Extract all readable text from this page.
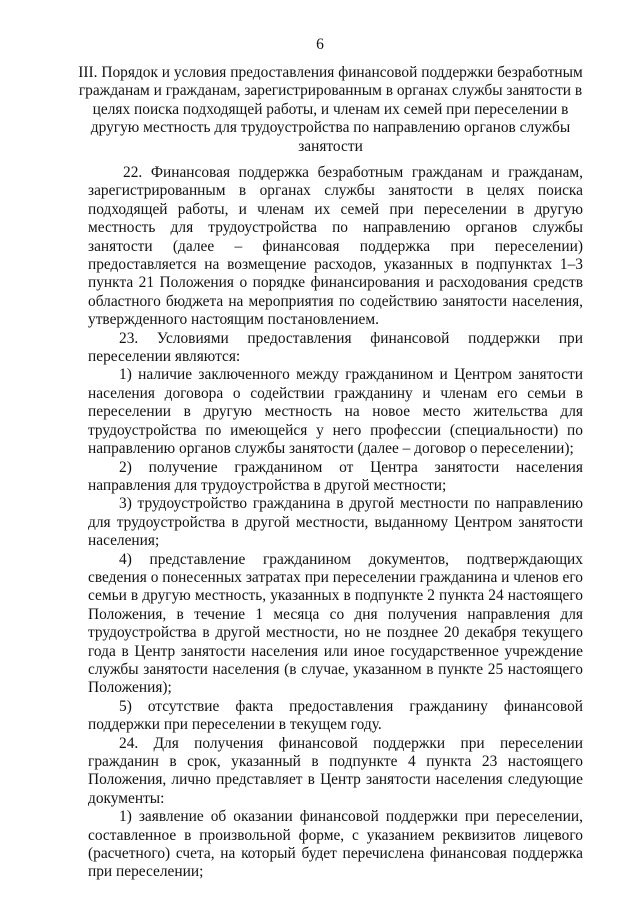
6
III. Порядок и условия предоставления финансовой поддержки безработным гражданам и гражданам, зарегистрированным в органах службы занятости в целях поиска подходящей работы, и членам их семей при переселении в другую местность для трудоустройства по направлению органов службы занятости

22. Финансовая поддержка безработным гражданам и гражданам, зарегистрированным в органах службы занятости в целях поиска подходящей работы, и членам их семей при переселении в другую местность для трудоустройства по направлению органов службы занятости (далее – финансовая поддержка при переселении) предоставляется на возмещение расходов, указанных в подпунктах 1–3 пункта 21 Положения о порядке финансирования и расходования средств областного бюджета на мероприятия по содействию занятости населения, утвержденного настоящим постановлением.

23. Условиями предоставления финансовой поддержки при переселении являются:

1) наличие заключенного между гражданином и Центром занятости населения договора о содействии гражданину и членам его семьи в переселении в другую местность на новое место жительства для трудоустройства по имеющейся у него профессии (специальности) по направлению органов службы занятости (далее – договор о переселении);

2) получение гражданином от Центра занятости населения направления для трудоустройства в другой местности;

3) трудоустройство гражданина в другой местности по направлению для трудоустройства в другой местности, выданному Центром занятости населения;

4) представление гражданином документов, подтверждающих сведения о понесенных затратах при переселении гражданина и членов его семьи в другую местность, указанных в подпункте 2 пункта 24 настоящего Положения, в течение 1 месяца со дня получения направления для трудоустройства в другой местности, но не позднее 20 декабря текущего года в Центр занятости населения или иное государственное учреждение службы занятости населения (в случае, указанном в пункте 25 настоящего Положения);

5) отсутствие факта предоставления гражданину финансовой поддержки при переселении в текущем году.

24. Для получения финансовой поддержки при переселении гражданин в срок, указанный в подпункте 4 пункта 23 настоящего Положения, лично представляет в Центр занятости населения следующие документы:

1) заявление об оказании финансовой поддержки при переселении, составленное в произвольной форме, с указанием реквизитов лицевого (расчетного) счета, на который будет перечислена финансовая поддержка при переселении;
